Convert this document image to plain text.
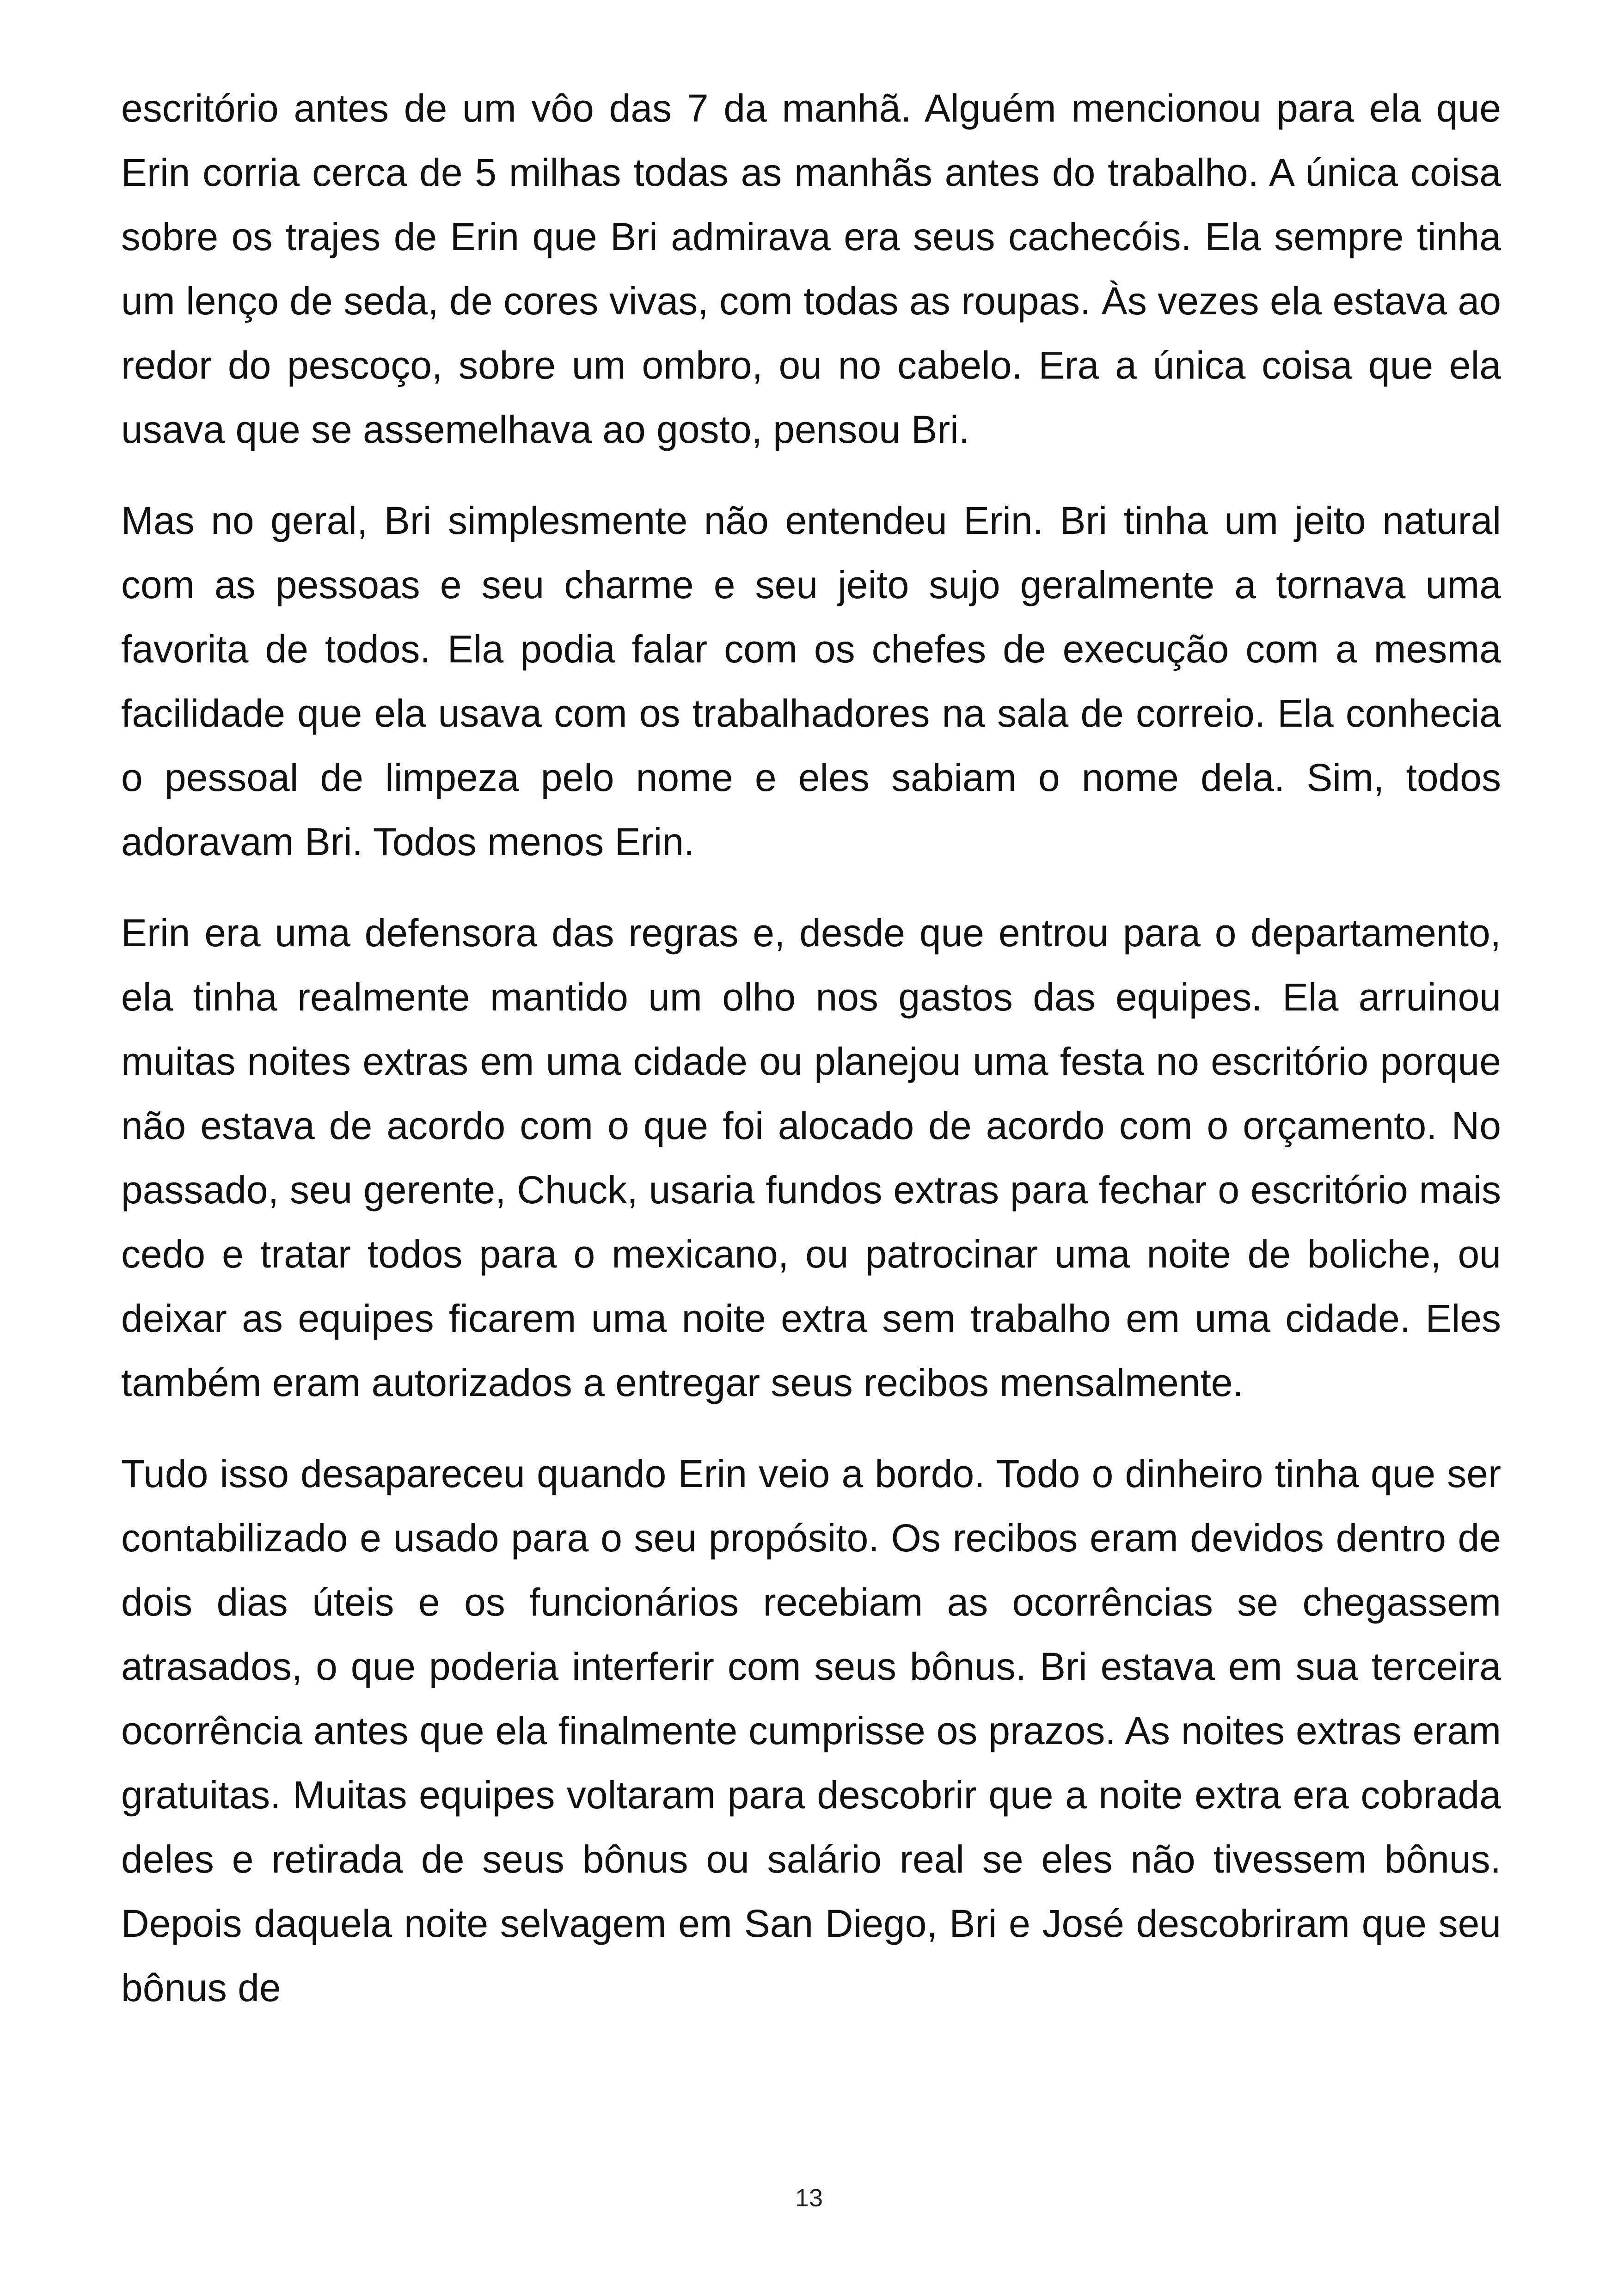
escritório antes de um vôo das 7 da manhã. Alguém mencionou para ela que Erin corria cerca de 5 milhas todas as manhãs antes do trabalho. A única coisa sobre os trajes de Erin que Bri admirava era seus cachecóis. Ela sempre tinha um lenço de seda, de cores vivas, com todas as roupas. Às vezes ela estava ao redor do pescoço, sobre um ombro, ou no cabelo. Era a única coisa que ela usava que se assemelhava ao gosto, pensou Bri.

Mas no geral, Bri simplesmente não entendeu Erin. Bri tinha um jeito natural com as pessoas e seu charme e seu jeito sujo geralmente a tornava uma favorita de todos. Ela podia falar com os chefes de execução com a mesma facilidade que ela usava com os trabalhadores na sala de correio. Ela conhecia o pessoal de limpeza pelo nome e eles sabiam o nome dela. Sim, todos adoravam Bri. Todos menos Erin.

Erin era uma defensora das regras e, desde que entrou para o departamento, ela tinha realmente mantido um olho nos gastos das equipes. Ela arruinou muitas noites extras em uma cidade ou planejou uma festa no escritório porque não estava de acordo com o que foi alocado de acordo com o orçamento. No passado, seu gerente, Chuck, usaria fundos extras para fechar o escritório mais cedo e tratar todos para o mexicano, ou patrocinar uma noite de boliche, ou deixar as equipes ficarem uma noite extra sem trabalho em uma cidade. Eles também eram autorizados a entregar seus recibos mensalmente.

Tudo isso desapareceu quando Erin veio a bordo. Todo o dinheiro tinha que ser contabilizado e usado para o seu propósito. Os recibos eram devidos dentro de dois dias úteis e os funcionários recebiam as ocorrências se chegassem atrasados, o que poderia interferir com seus bônus. Bri estava em sua terceira ocorrência antes que ela finalmente cumprisse os prazos. As noites extras eram gratuitas. Muitas equipes voltaram para descobrir que a noite extra era cobrada deles e retirada de seus bônus ou salário real se eles não tivessem bônus. Depois daquela noite selvagem em San Diego, Bri e José descobriram que seu bônus de

13
